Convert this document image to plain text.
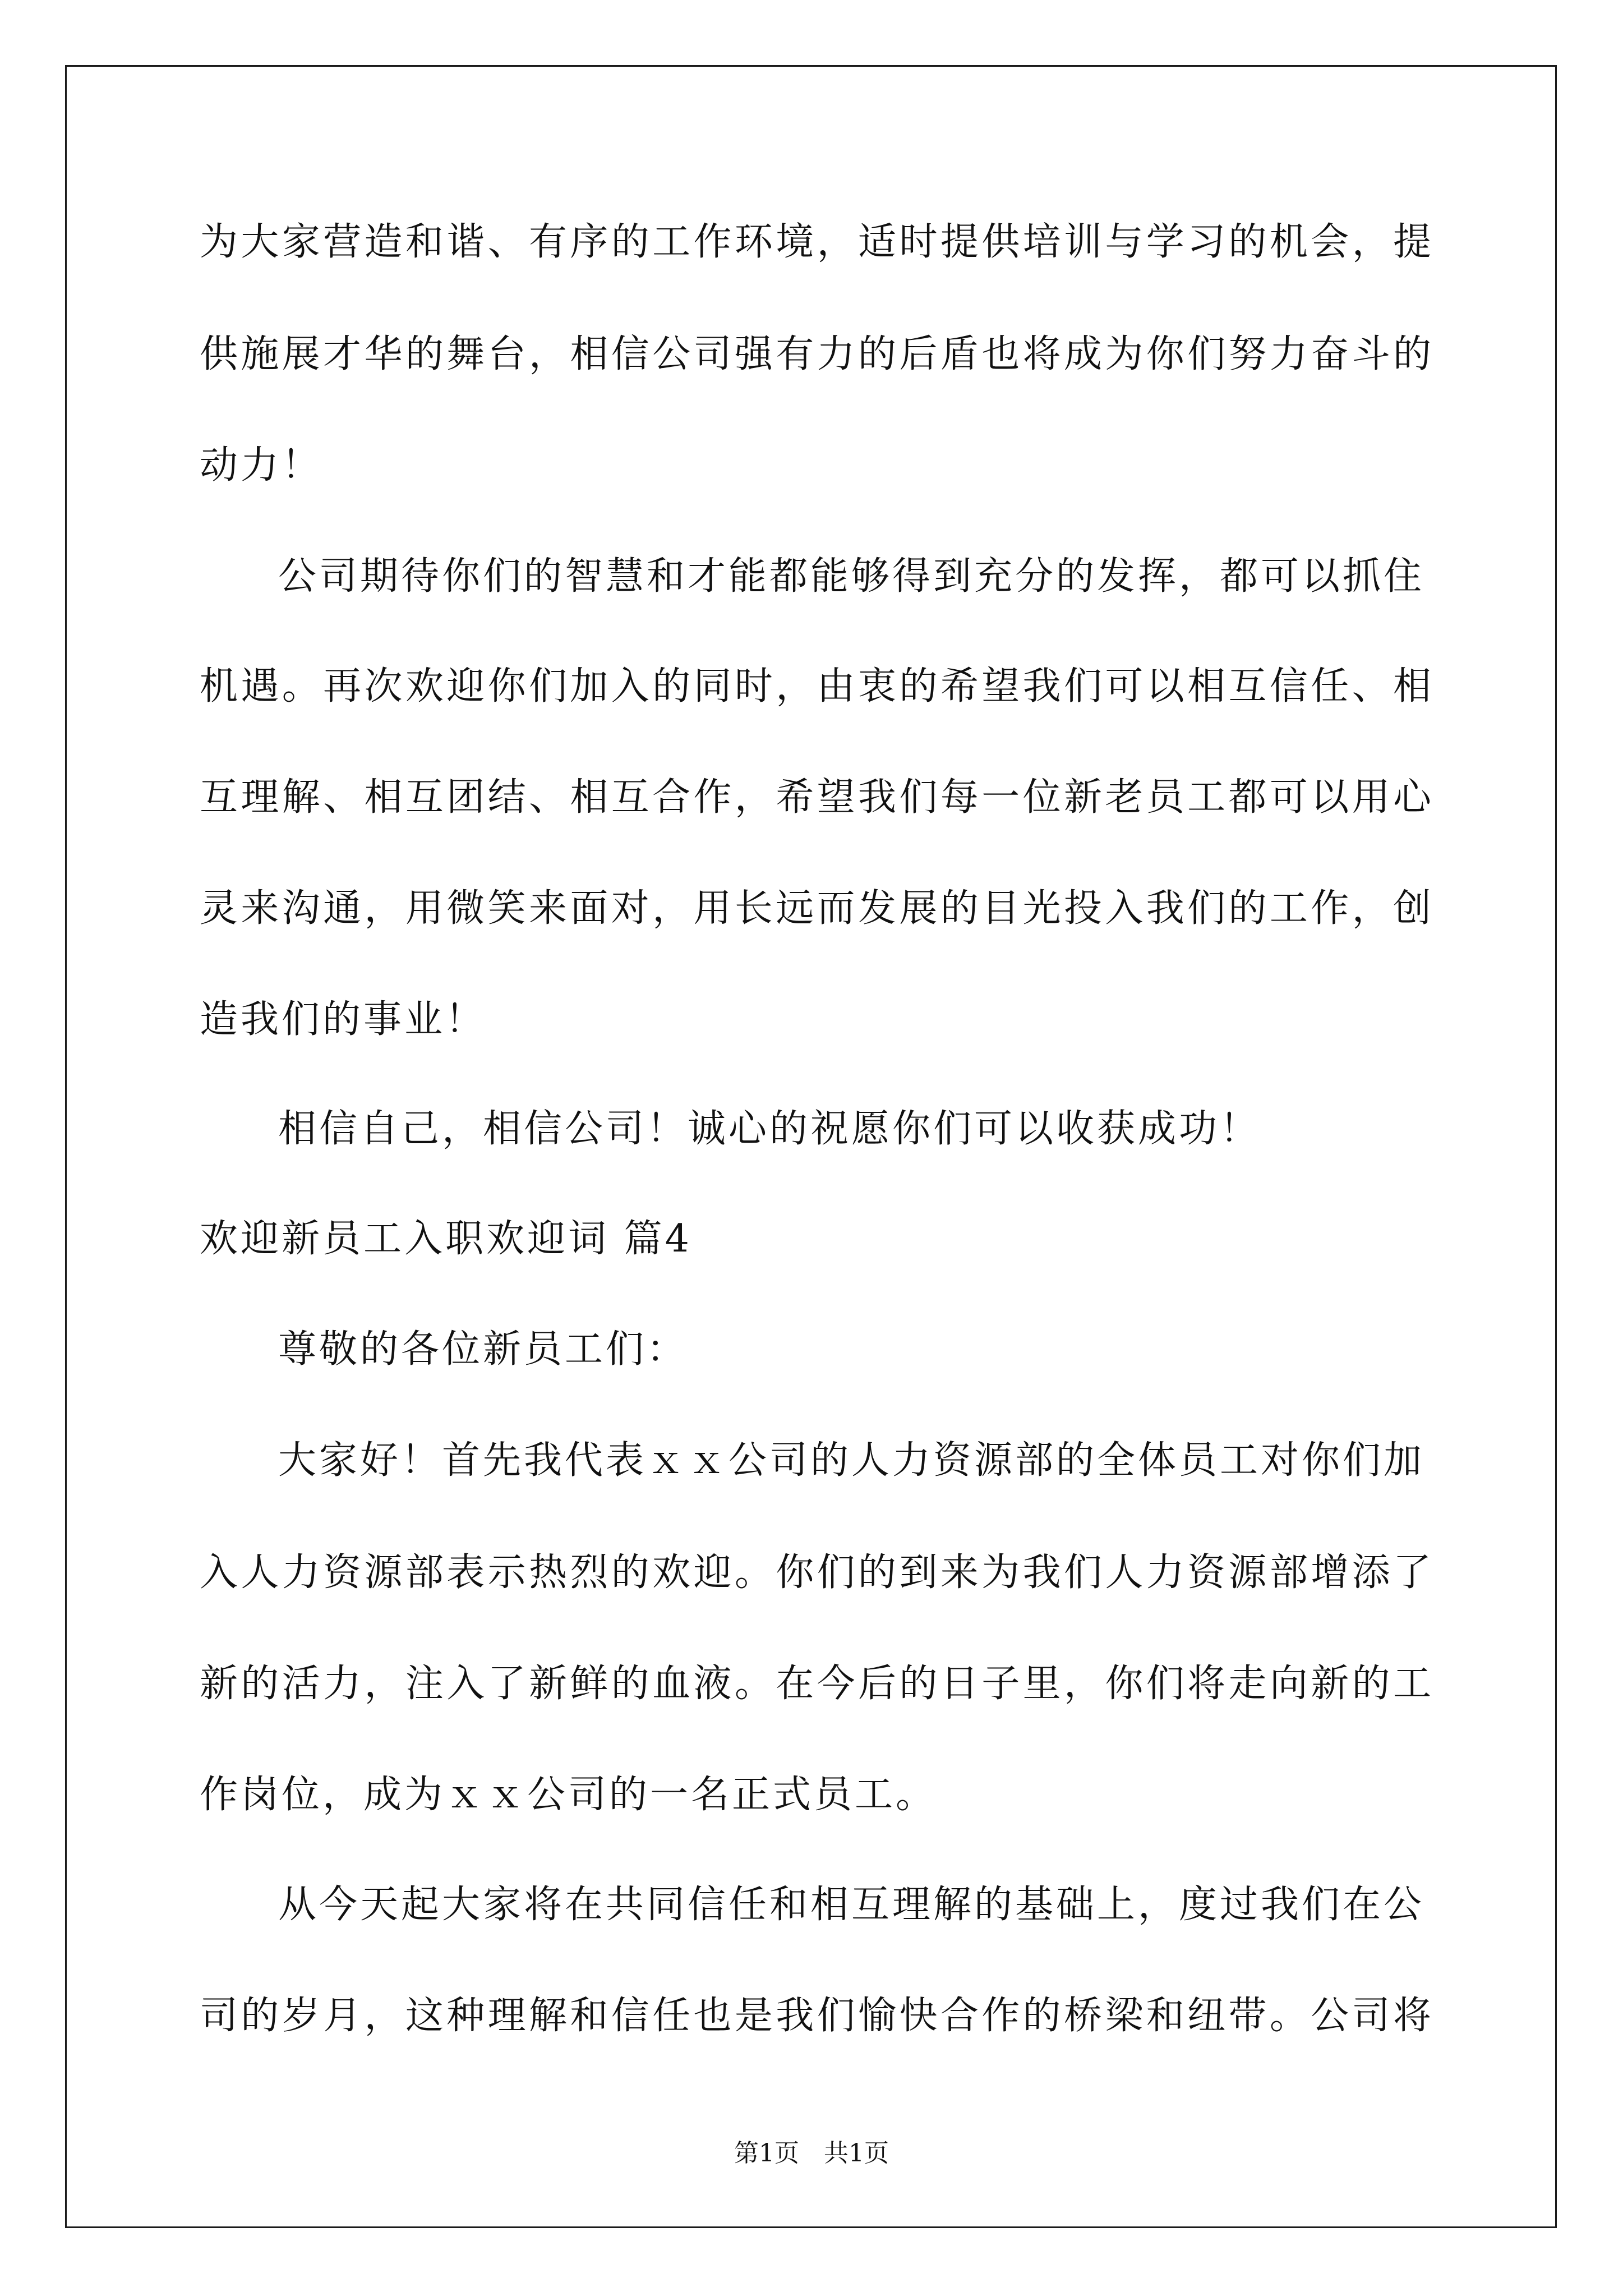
为大家营造和谐、有序的工作环境，适时提供培训与学习的机会，提
供施展才华的舞台，相信公司强有力的后盾也将成为你们努力奋斗的
动力！
公司期待你们的智慧和才能都能够得到充分的发挥，都可以抓住
机遇。再次欢迎你们加入的同时，由衷的希望我们可以相互信任、相
互理解、相互团结、相互合作，希望我们每一位新老员工都可以用心
灵来沟通，用微笑来面对，用长远而发展的目光投入我们的工作，创
造我们的事业！
相信自己，相信公司！诚心的祝愿你们可以收获成功！
欢迎新员工入职欢迎词 篇4
尊敬的各位新员工们：
大家好！首先我代表ｘｘ公司的人力资源部的全体员工对你们加
入人力资源部表示热烈的欢迎。你们的到来为我们人力资源部增添了
新的活力，注入了新鲜的血液。在今后的日子里，你们将走向新的工
作岗位，成为ｘｘ公司的一名正式员工。
从今天起大家将在共同信任和相互理解的基础上，度过我们在公
司的岁月，这种理解和信任也是我们愉快合作的桥梁和纽带。公司将
第1页　共1页
